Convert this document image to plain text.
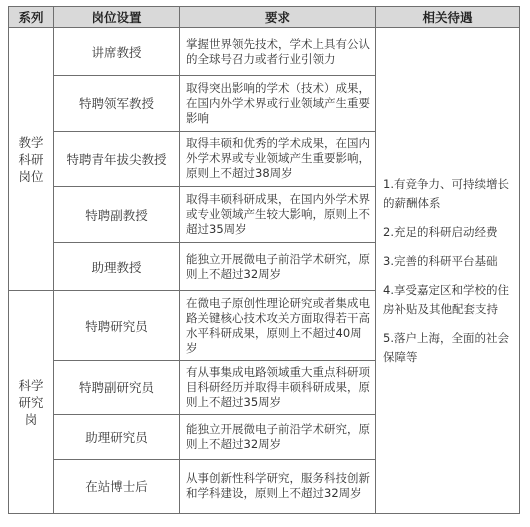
系列	岗位设置	要求	相关待遇
教学科研岗位	讲席教授	掌握世界领先技术，学术上具有公认的全球号召力或者行业引领力	1.有竞争力、可持续增长的薪酬体系
2.充足的科研启动经费
3.完善的科研平台基础
4.享受嘉定区和学校的住房补贴及其他配套支持
5.落户上海，全面的社会保障等

	特聘领军教授	取得突出影响的学术（技术）成果，在国内外学术界或行业领域产生重要影响	
	特聘青年拔尖教授	取得丰硕和优秀的学术成果，在国内外学术界或专业领域产生重要影响，原则上不超过38周岁	
	特聘副教授	取得丰硕科研成果，在国内外学术界或专业领域产生较大影响，原则上不超过35周岁	
	助理教授	能独立开展微电子前沿学术研究，原则上不超过32周岁	
科学研究岗	特聘研究员	在微电子原创性理论研究或者集成电路关键核心技术攻关方面取得若干高水平科研成果，原则上不超过40周岁	
	特聘副研究员	有从事集成电路领域重大重点科研项目科研经历并取得丰硕科研成果，原则上不超过35周岁	
	助理研究员	能独立开展微电子前沿学术研究，原则上不超过32周岁	
	在站博士后	从事创新性科学研究，服务科技创新和学科建设，原则上不超过32周岁	
